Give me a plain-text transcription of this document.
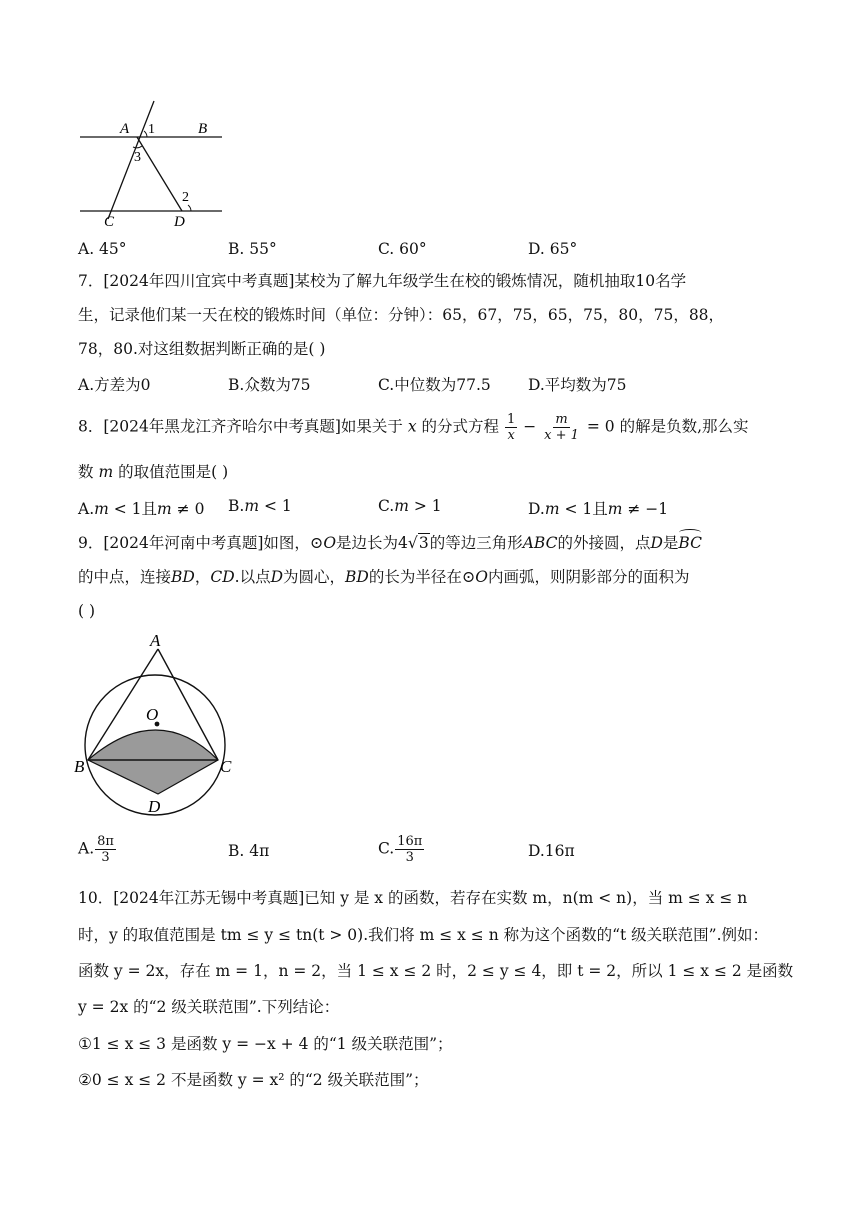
A 1	B
3
2
C	D
A. 45°	B. 55°	C. 60°	D. 65°
7．[2024年四川宜宾中考真题]某校为了解九年级学生在校的锻炼情况，随机抽取10名学
生，记录他们某一天在校的锻炼时间（单位：分钟）：65，67，75，65，75，80，75，88，
78，80.对这组数据判断正确的是( )
A.方差为0	B.众数为75	C.中位数为77.5 D.平均数为75
8．[2024年黑龙江齐齐哈尔中考真题]如果关于 x 的分式方程 $\frac{1}{x} - \frac{m}{x + 1} = 0$ 的解是负数,那么实
数 m 的取值范围是( )
A.m < 1且m ≠ 0 B.m < 1	C.m > 1	D.m < 1且m ≠ −1
9．[2024年河南中考真题]如图，⊙O是边长为4√3的等边三角形ABC的外接圆，点D是BC
的中点，连接BD，CD.以点D为圆心，BD的长为半径在⊙O内画弧，则阴影部分的面积为
( )
A
O
B	C
D
A. $\frac{8\pi}{3}$	B. 4π	C. $\frac{16\pi}{3}$	D.16π
10．[2024年江苏无锡中考真题]已知 y 是 x 的函数，若存在实数 m，n(m < n)，当 m ≤ x ≤ n
时，y 的取值范围是 tm ≤ y ≤ tn(t > 0).我们将 m ≤ x ≤ n 称为这个函数的“t 级关联范围”.例如：
函数 y = 2x，存在 m = 1，n = 2，当 1 ≤ x ≤ 2 时，2 ≤ y ≤ 4，即 t = 2，所以 1 ≤ x ≤ 2 是函数
y = 2x 的“2 级关联范围”.下列结论：
①1 ≤ x ≤ 3 是函数 y = −x + 4 的“1 级关联范围”；
②0 ≤ x ≤ 2 不是函数 y = x² 的“2 级关联范围”；
